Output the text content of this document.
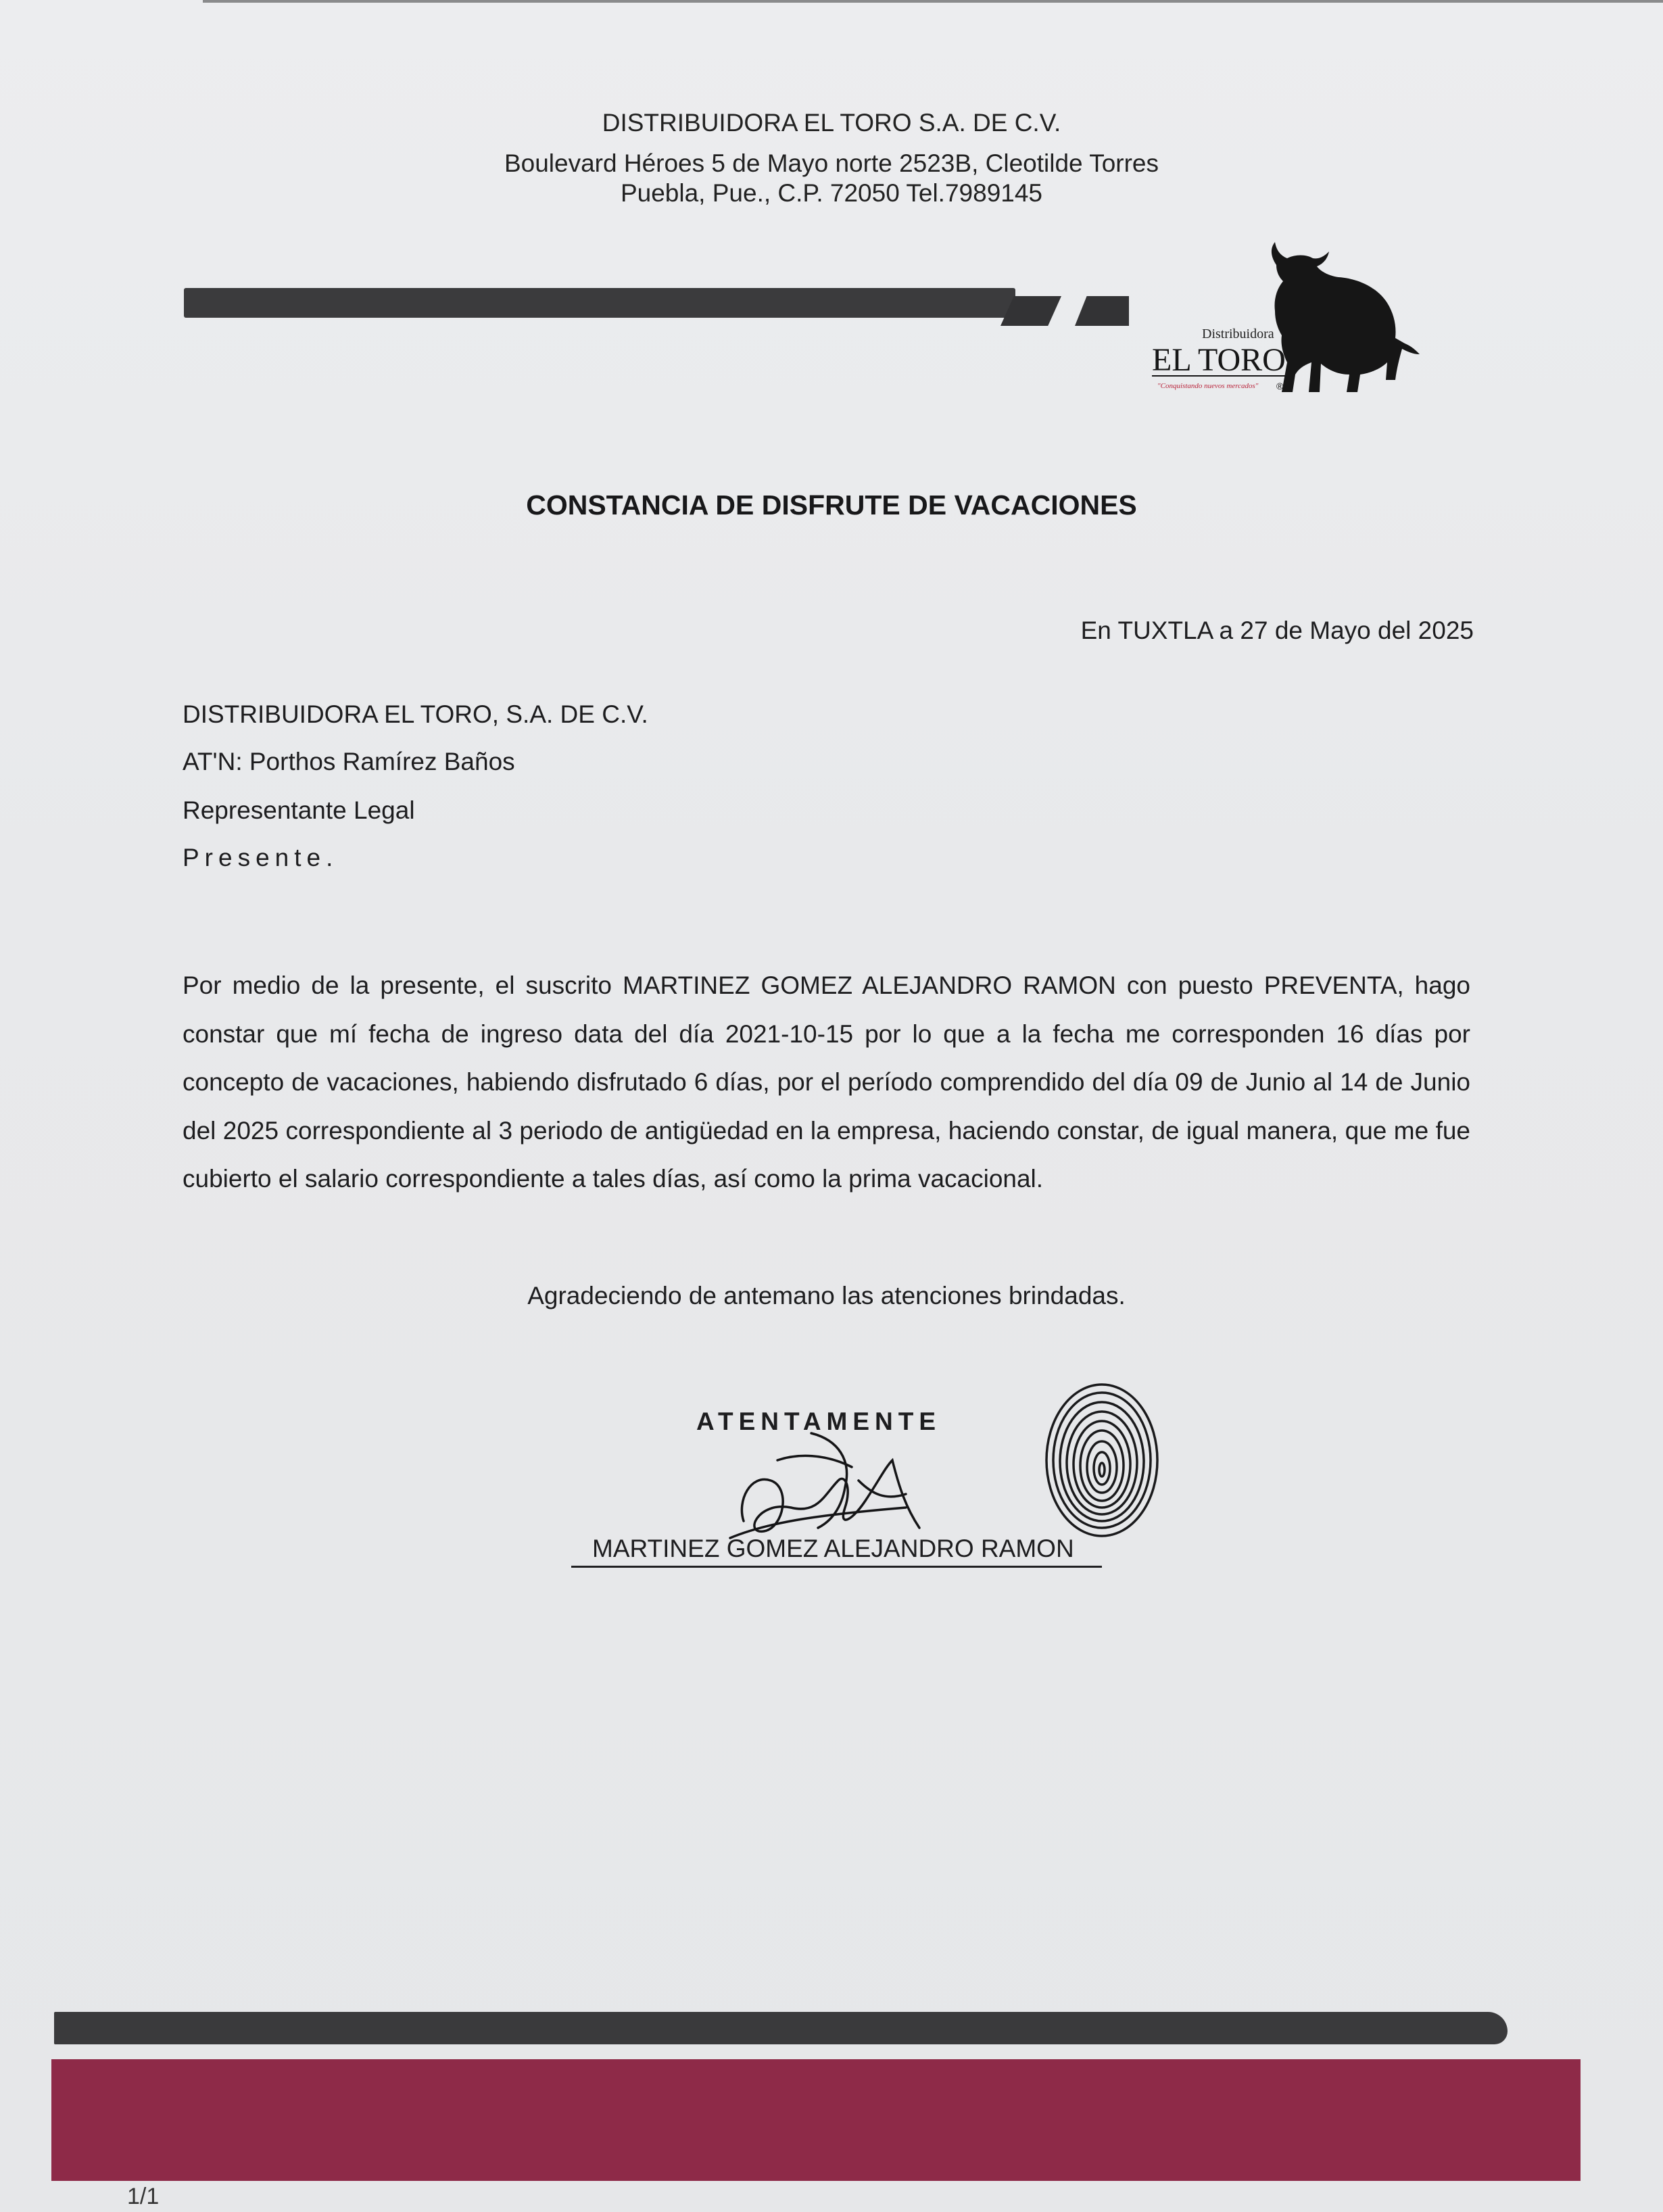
DISTRIBUIDORA EL TORO S.A. DE C.V.
Boulevard Héroes 5 de Mayo norte 2523B, Cleotilde Torres
Puebla, Pue., C.P. 72050 Tel.7989145
Distribuidora
EL TORO
"Conquistando nuevos mercados" ®
CONSTANCIA DE DISFRUTE DE VACACIONES
En TUXTLA a 27 de Mayo del 2025
DISTRIBUIDORA EL TORO, S.A. DE C.V.
AT'N: Porthos Ramírez Baños
Representante Legal
Presente.
Por medio de la presente, el suscrito MARTINEZ GOMEZ ALEJANDRO RAMON con puesto PREVENTA, hago constar que mí fecha de ingreso data del día 2021-10-15 por lo que a la fecha me corresponden 16 días por concepto de vacaciones, habiendo disfrutado 6 días, por el período comprendido del día 09 de Junio al 14 de Junio del 2025 correspondiente al 3 periodo de antigüedad en la empresa, haciendo constar, de igual manera, que me fue cubierto el salario correspondiente a tales días, así como la prima vacacional.
Agradeciendo de antemano las atenciones brindadas.
ATENTAMENTE
MARTINEZ GOMEZ ALEJANDRO RAMON
1/1
